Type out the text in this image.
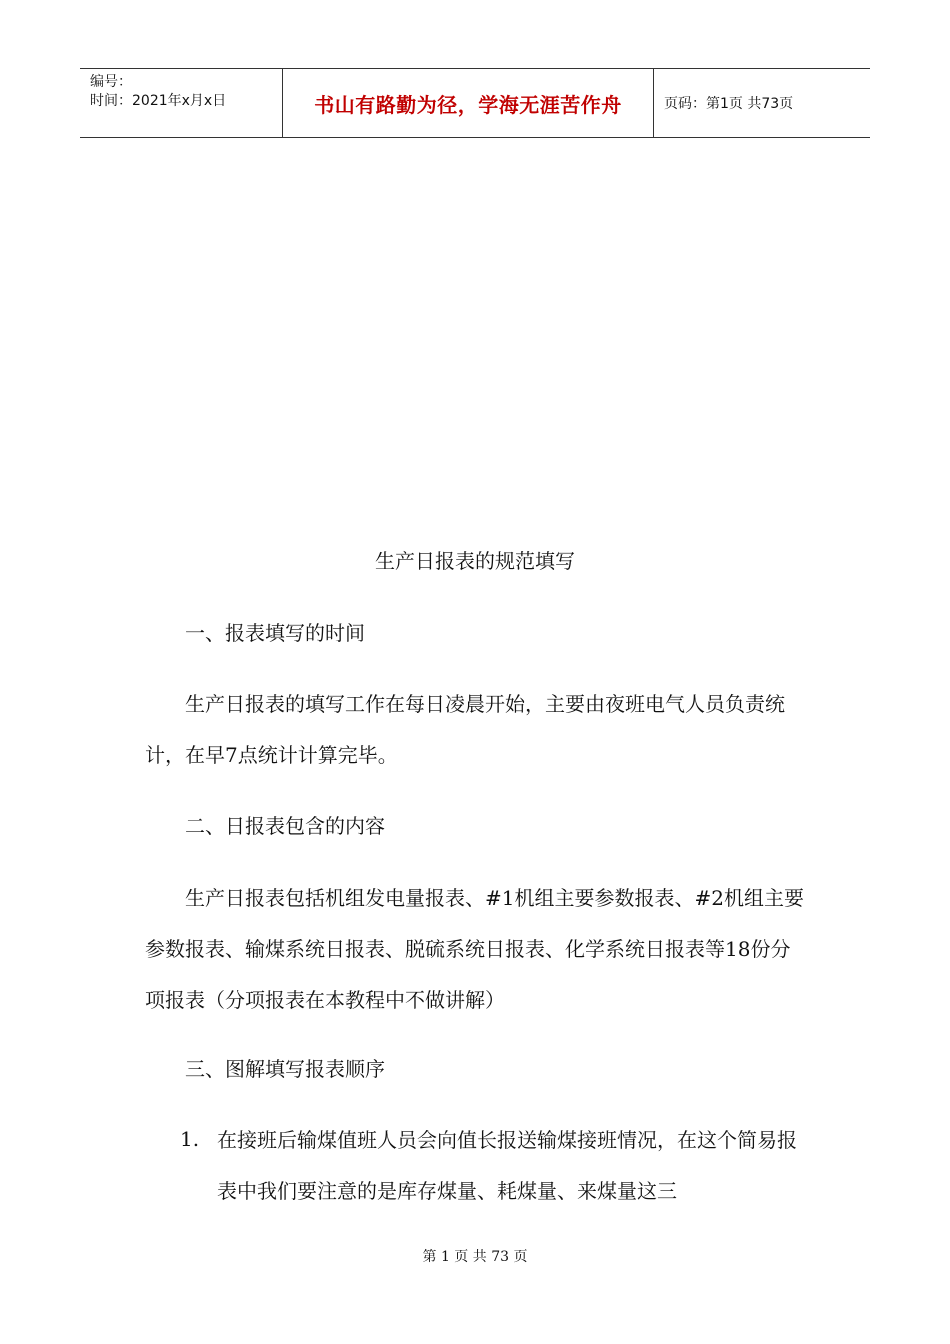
编号：
时间：2021年x月x日	书山有路勤为径，学海无涯苦作舟	页码：第1页 共73页
生产日报表的规范填写
一、报表填写的时间
生产日报表的填写工作在每日凌晨开始，主要由夜班电气人员负责统计，在早7点统计计算完毕。
二、日报表包含的内容
生产日报表包括机组发电量报表、#1机组主要参数报表、#2机组主要参数报表、输煤系统日报表、脱硫系统日报表、化学系统日报表等18份分项报表（分项报表在本教程中不做讲解）
三、图解填写报表顺序
1. 在接班后输煤值班人员会向值长报送输煤接班情况，在这个简易报表中我们要注意的是库存煤量、耗煤量、来煤量这三
第 1 页 共 73 页
